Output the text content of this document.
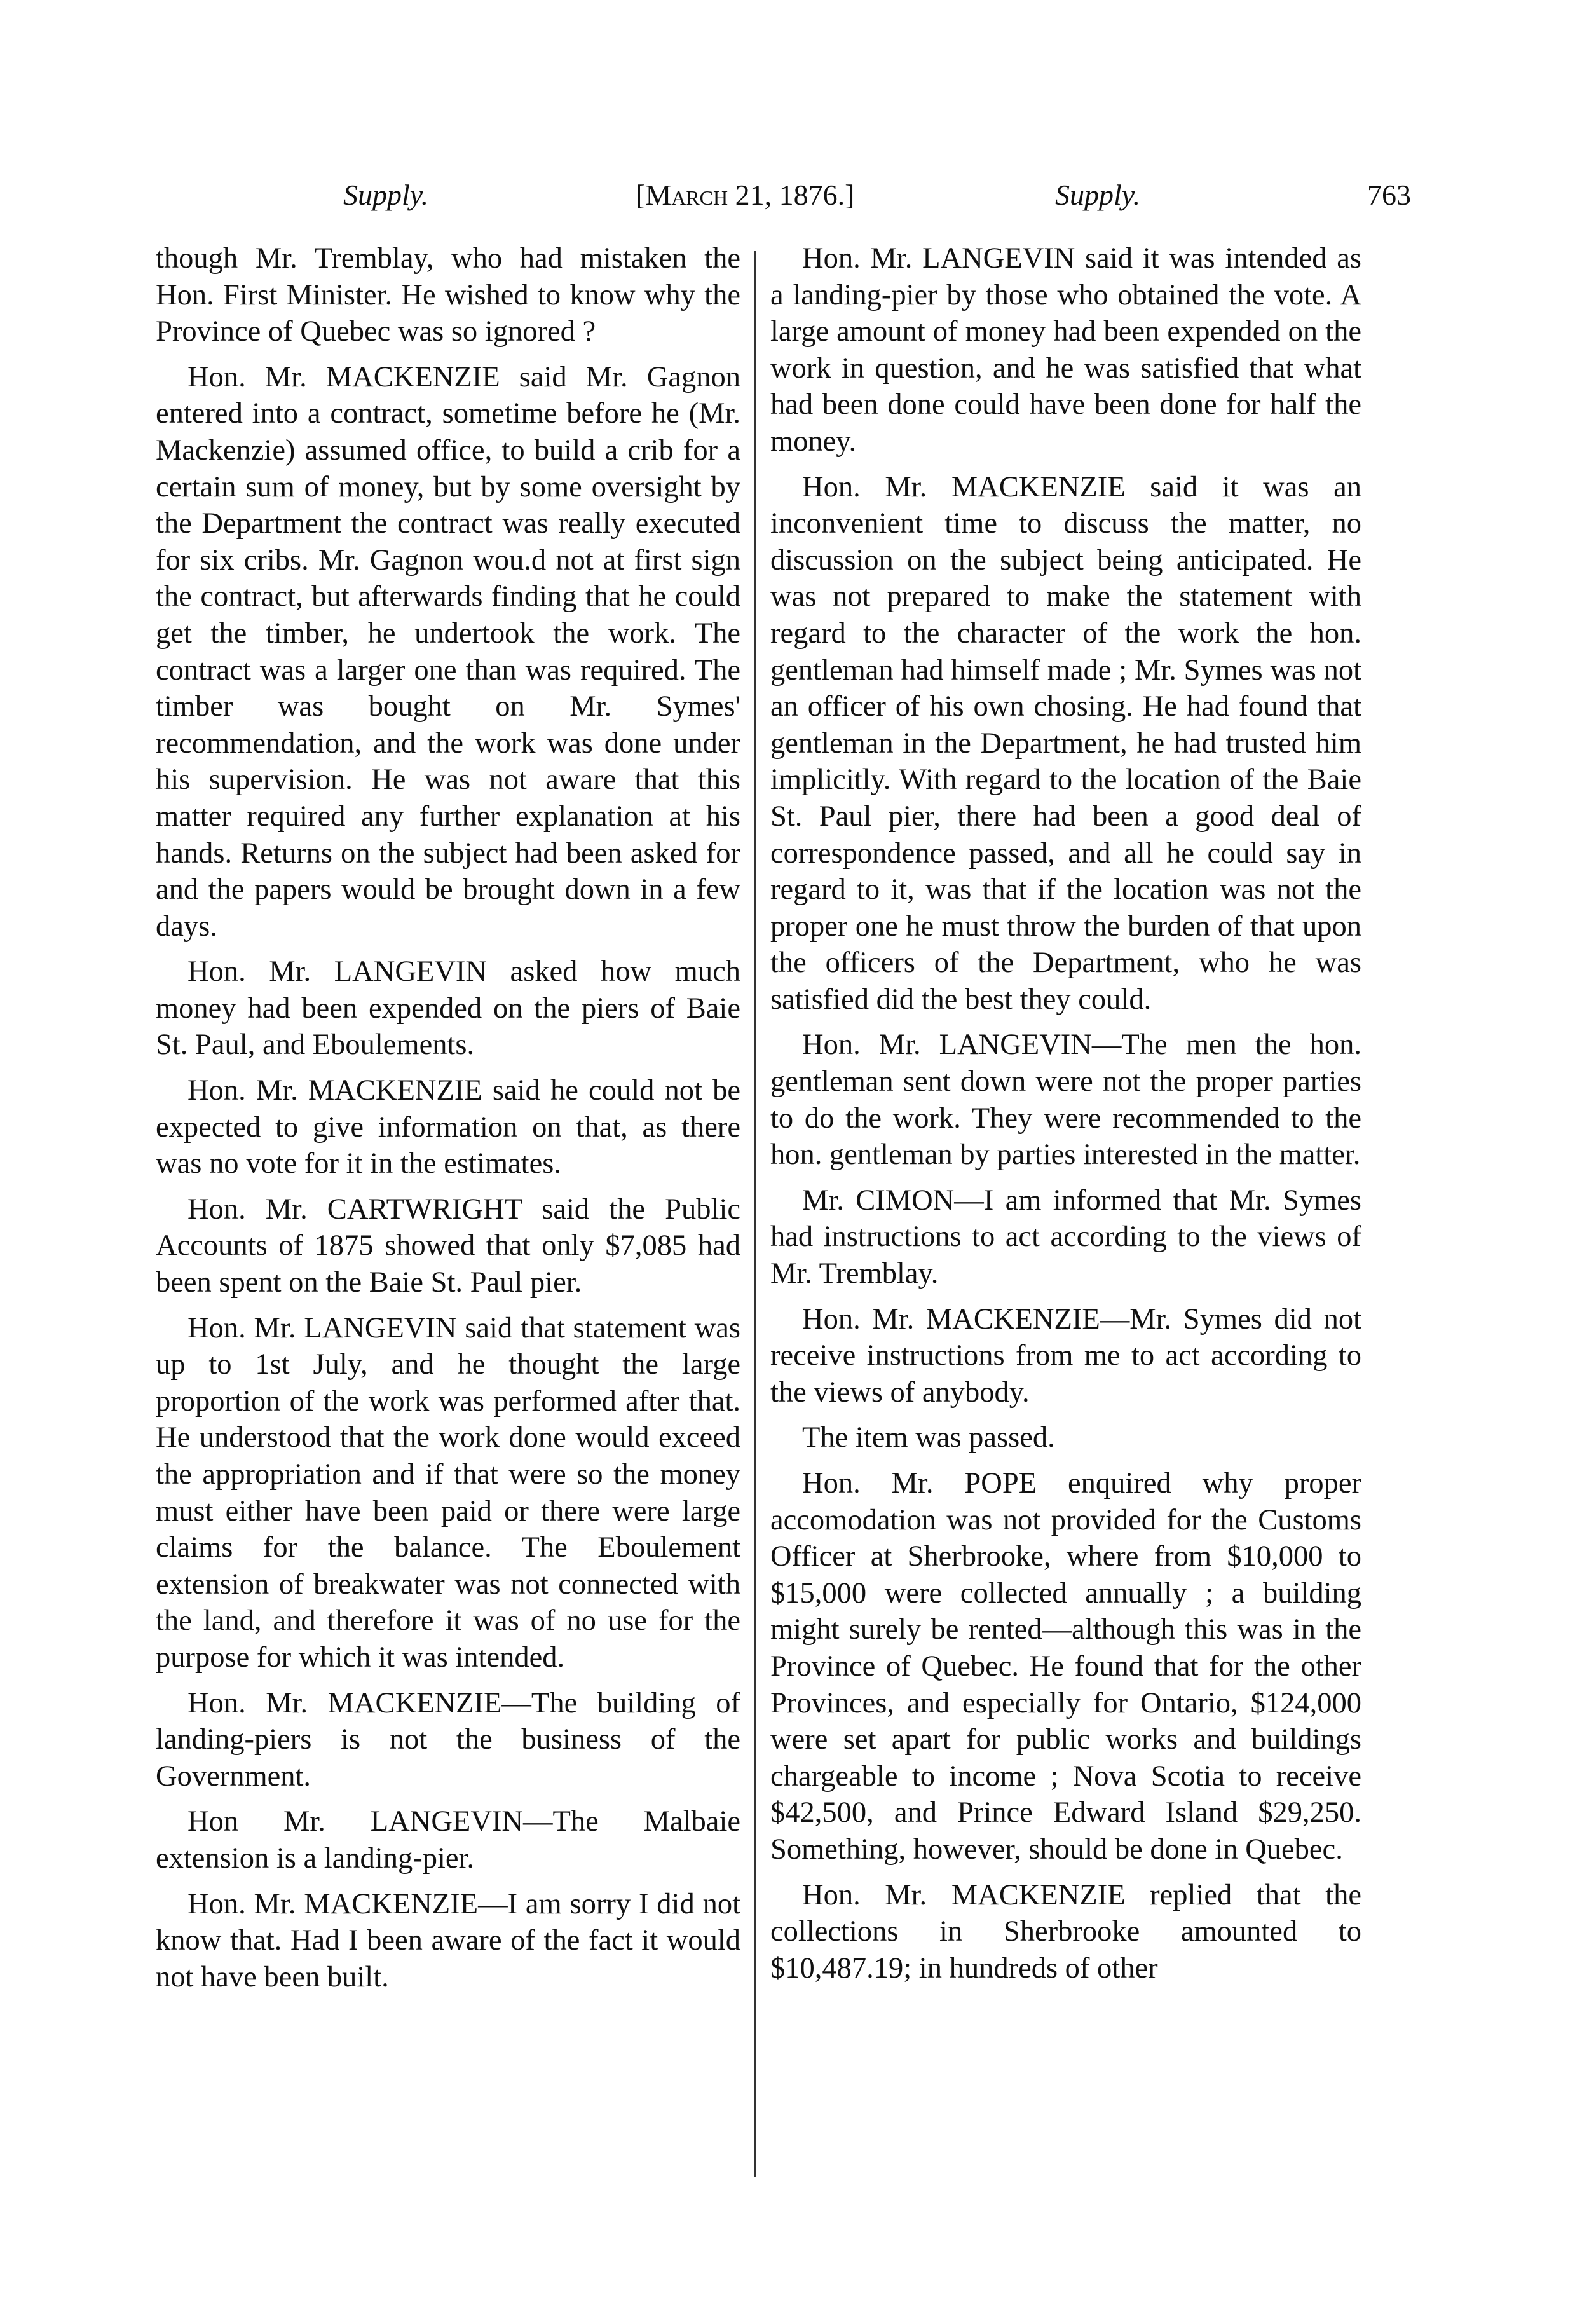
Supply.	[March 21, 1876.]	Supply.	763

though Mr. Tremblay, who had mistaken the Hon. First Minister. He wished to know why the Province of Quebec was so ignored ?

Hon. Mr. MACKENZIE said Mr. Gagnon entered into a contract, sometime before he (Mr. Mackenzie) assumed office, to build a crib for a certain sum of money, but by some oversight by the Department the contract was really executed for six cribs. Mr. Gagnon wou.d not at first sign the contract, but afterwards finding that he could get the timber, he undertook the work. The contract was a larger one than was required. The timber was bought on Mr. Symes' recommendation, and the work was done under his supervision. He was not aware that this matter required any further explanation at his hands. Returns on the subject had been asked for and the papers would be brought down in a few days.

Hon. Mr. LANGEVIN asked how much money had been expended on the piers of Baie St. Paul, and Eboulements.

Hon. Mr. MACKENZIE said he could not be expected to give information on that, as there was no vote for it in the estimates.

Hon. Mr. CARTWRIGHT said the Public Accounts of 1875 showed that only $7,085 had been spent on the Baie St. Paul pier.

Hon. Mr. LANGEVIN said that statement was up to 1st July, and he thought the large proportion of the work was performed after that. He understood that the work done would exceed the appropriation and if that were so the money must either have been paid or there were large claims for the balance. The Eboulement extension of breakwater was not connected with the land, and therefore it was of no use for the purpose for which it was intended.

Hon. Mr. MACKENZIE—The building of landing-piers is not the business of the Government.

Hon Mr. LANGEVIN—The Malbaie extension is a landing-pier.

Hon. Mr. MACKENZIE—I am sorry I did not know that. Had I been aware of the fact it would not have been built.

Hon. Mr. LANGEVIN said it was intended as a landing-pier by those who obtained the vote. A large amount of money had been expended on the work in question, and he was satisfied that what had been done could have been done for half the money.

Hon. Mr. MACKENZIE said it was an inconvenient time to discuss the matter, no discussion on the subject being anticipated. He was not prepared to make the statement with regard to the character of the work the hon. gentleman had himself made ; Mr. Symes was not an officer of his own chosing. He had found that gentleman in the Department, he had trusted him implicitly. With regard to the location of the Baie St. Paul pier, there had been a good deal of correspondence passed, and all he could say in regard to it, was that if the location was not the proper one he must throw the burden of that upon the officers of the Department, who he was satisfied did the best they could.

Hon. Mr. LANGEVIN—The men the hon. gentleman sent down were not the proper parties to do the work. They were recommended to the hon. gentleman by parties interested in the matter.

Mr. CIMON—I am informed that Mr. Symes had instructions to act according to the views of Mr. Tremblay.

Hon. Mr. MACKENZIE—Mr. Symes did not receive instructions from me to act according to the views of anybody.

The item was passed.

Hon. Mr. POPE enquired why proper accomodation was not provided for the Customs Officer at Sherbrooke, where from $10,000 to $15,000 were collected annually ; a building might surely be rented—although this was in the Province of Quebec. He found that for the other Provinces, and especially for Ontario, $124,000 were set apart for public works and buildings chargeable to income ; Nova Scotia to receive $42,500, and Prince Edward Island $29,250. Something, however, should be done in Quebec.

Hon. Mr. MACKENZIE replied that the collections in Sherbrooke amounted to $10,487.19; in hundreds of other
